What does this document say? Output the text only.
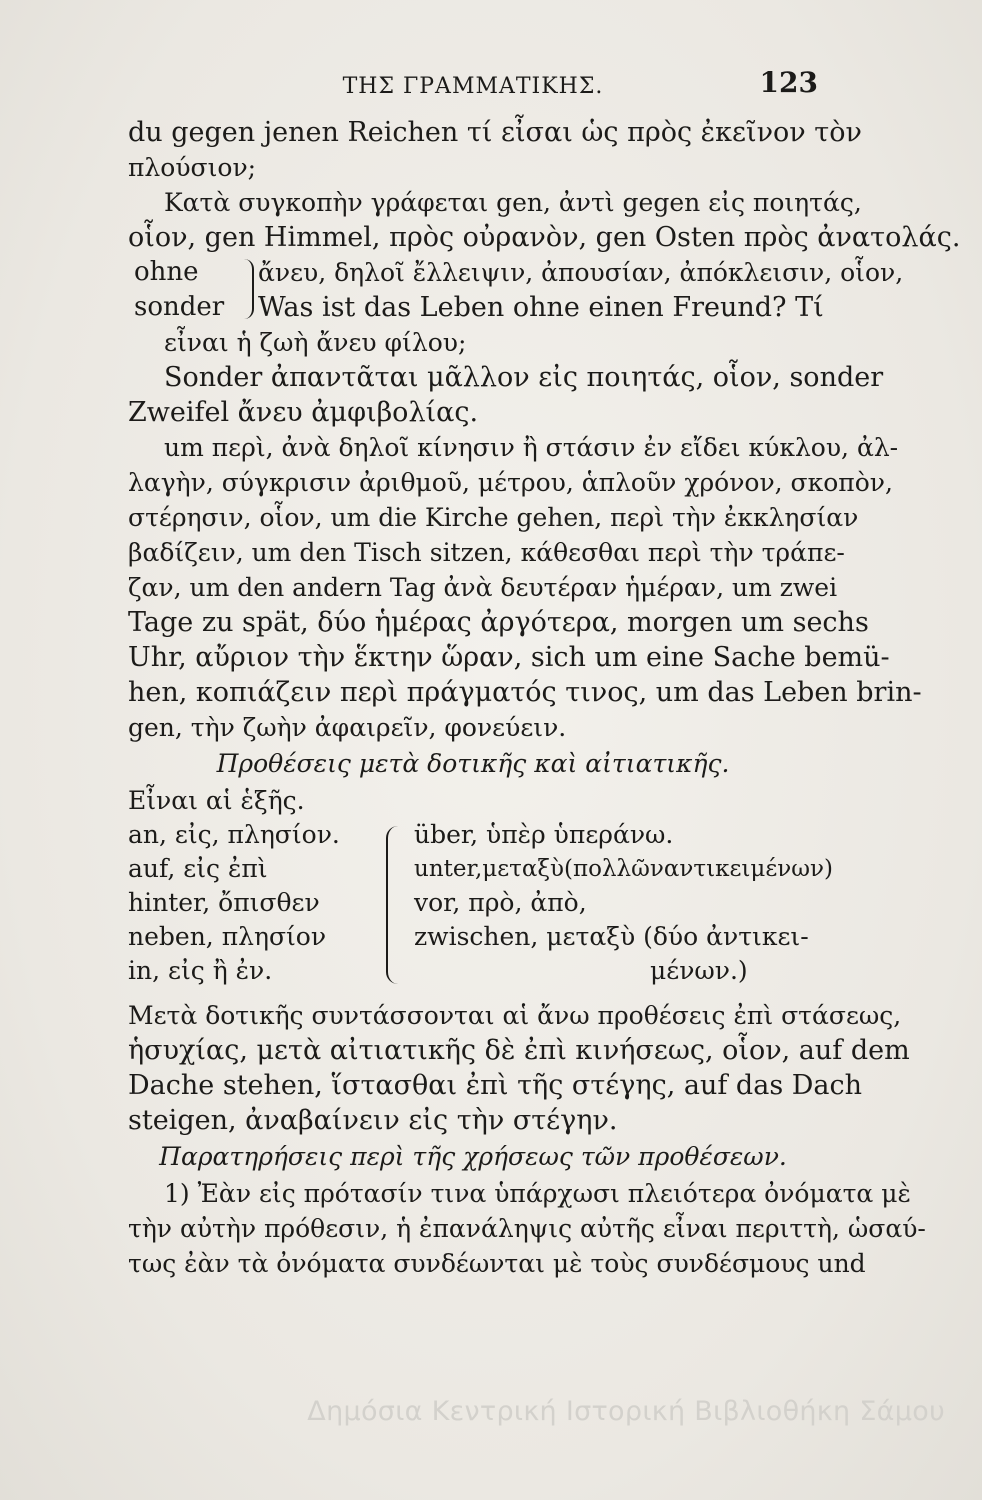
ΤΗΣ ΓΡΑΜΜΑΤΙΚΗΣ.	123
du gegen jenen Reichen τί εἶσαι ὡς πρὸς ἐκεῖνον τὸν
πλούσιον;
Κατὰ συγκοπὴν γράφεται gen, ἀντὶ gegen εἰς ποιητάς,
οἷον, gen Himmel, πρὸς οὐρανὸν, gen Osten πρὸς ἀνατολάς.
ohne
sonder
ἄνευ, δηλοῖ ἔλλειψιν, ἀπουσίαν, ἀπόκλεισιν, οἷον,
Was ist das Leben ohne einen Freund? Τί
εἶναι ἡ ζωὴ ἄνευ φίλου;
Sonder ἀπαντᾶται μᾶλλον εἰς ποιητάς, οἷον, sonder
Zweifel ἄνευ ἀμφιβολίας.
um περὶ, ἀνὰ δηλοῖ κίνησιν ἢ στάσιν ἐν εἴδει κύκλου, ἀλ-
λαγὴν, σύγκρισιν ἀριθμοῦ, μέτρου, ἁπλοῦν χρόνον, σκοπὸν,
στέρησιν, οἷον, um die Kirche gehen, περὶ τὴν ἐκκλησίαν
βαδίζειν, um den Tisch sitzen, κάθεσθαι περὶ τὴν τράπε-
ζαν, um den andern Tag ἀνὰ δευτέραν ἡμέραν, um zwei
Tage zu spät, δύο ἡμέρας ἀργότερα, morgen um sechs
Uhr, αὔριον τὴν ἕκτην ὥραν, sich um eine Sache bemü-
hen, κοπιάζειν περὶ πράγματός τινος, um das Leben brin-
gen, τὴν ζωὴν ἀφαιρεῖν, φονεύειν.
Προθέσεις μετὰ δοτικῆς καὶ αἰτιατικῆς.
Εἶναι αἱ ἑξῆς.
an, εἰς, πλησίον.
auf, εἰς ἐπὶ
hinter, ὄπισθεν
neben, πλησίον
in, εἰς ἢ ἐν.
über, ὑπὲρ ὑπεράνω.
unter,μεταξὺ(πολλῶναντικειμένων)
vor, πρὸ, ἀπὸ,
zwischen, μεταξὺ (δύο ἀντικει-
μένων.)
Μετὰ δοτικῆς συντάσσονται αἱ ἄνω προθέσεις ἐπὶ στάσεως,
ἡσυχίας, μετὰ αἰτιατικῆς δὲ ἐπὶ κινήσεως, οἷον, auf dem
Dache stehen, ἵστασθαι ἐπὶ τῆς στέγης, auf das Dach
steigen, ἀναβαίνειν εἰς τὴν στέγην.
Παρατηρήσεις περὶ τῆς χρήσεως τῶν προθέσεων.
1) Ἐὰν εἰς πρότασίν τινα ὑπάρχωσι πλειότερα ὀνόματα μὲ
τὴν αὐτὴν πρόθεσιν, ἡ ἐπανάληψις αὐτῆς εἶναι περιττὴ, ὡσαύ-
τως ἐὰν τὰ ὀνόματα συνδέωνται μὲ τοὺς συνδέσμους und
Δημόσια Κεντρική Ιστορική Βιβλιοθήκη Σάμου
